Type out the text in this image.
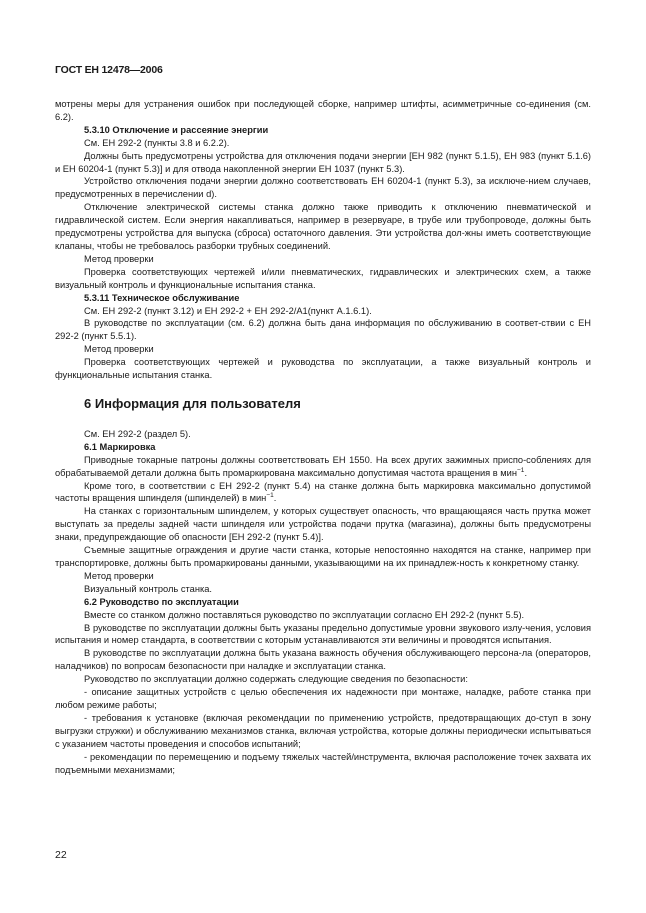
ГОСТ ЕН 12478—2006

мотрены меры для устранения ошибок при последующей сборке, например штифты, асимметричные со-единения (см. 6.2).

5.3.10 Отключение и рассеяние энергии

См. ЕН 292-2 (пункты 3.8 и 6.2.2).

Должны быть предусмотрены устройства для отключения подачи энергии [ЕН 982 (пункт 5.1.5), ЕН 983 (пункт 5.1.6) и ЕН 60204-1 (пункт 5.3)] и для отвода накопленной энергии ЕН 1037 (пункт 5.3).

Устройство отключения подачи энергии должно соответствовать ЕН 60204-1 (пункт 5.3), за исключе-нием случаев, предусмотренных в перечислении d).

Отключение электрической системы станка должно также приводить к отключению пневматической и гидравлической систем. Если энергия накапливаться, например в резервуаре, в трубе или трубопроводе, должны быть предусмотрены устройства для выпуска (сброса) остаточного давления. Эти устройства дол-жны иметь соответствующие клапаны, чтобы не требовалось разборки трубных соединений.

Метод проверки

Проверка соответствующих чертежей и/или пневматических, гидравлических и электрических схем, а также визуальный контроль и функциональные испытания станка.

5.3.11 Техническое обслуживание

См. ЕН 292-2 (пункт 3.12) и ЕН 292-2 + ЕН 292-2/А1(пункт А.1.6.1).

В руководстве по эксплуатации (см. 6.2) должна быть дана информация по обслуживанию в соответ-ствии с ЕН 292-2 (пункт 5.5.1).

Метод проверки

Проверка соответствующих чертежей и руководства по эксплуатации, а также визуальный контроль и функциональные испытания станка.

6 Информация для пользователя

См. ЕН 292-2 (раздел 5).

6.1 Маркировка

Приводные токарные патроны должны соответствовать ЕН 1550. На всех других зажимных приспо-соблениях для обрабатываемой детали должна быть промаркирована максимально допустимая частота вращения в мин$^{-1}$.

Кроме того, в соответствии с ЕН 292-2 (пункт 5.4) на станке должна быть маркировка максимально допустимой частоты вращения шпинделя (шпинделей) в мин$^{-1}$.

На станках с горизонтальным шпинделем, у которых существует опасность, что вращающаяся часть прутка может выступать за пределы задней части шпинделя или устройства подачи прутка (магазина), должны быть предусмотрены знаки, предупреждающие об опасности [ЕН 292-2 (пункт 5.4)].

Съемные защитные ограждения и другие части станка, которые непостоянно находятся на станке, например при транспортировке, должны быть промаркированы данными, указывающими на их принадлеж-ность к конкретному станку.

Метод проверки

Визуальный контроль станка.

6.2 Руководство по эксплуатации

Вместе со станком должно поставляться руководство по эксплуатации согласно ЕН 292-2 (пункт 5.5).

В руководстве по эксплуатации должны быть указаны предельно допустимые уровни звукового излу-чения, условия испытания и номер стандарта, в соответствии с которым устанавливаются эти величины и проводятся испытания.

В руководстве по эксплуатации должна быть указана важность обучения обслуживающего персона-ла (операторов, наладчиков) по вопросам безопасности при наладке и эксплуатации станка.

Руководство по эксплуатации должно содержать следующие сведения по безопасности:

- описание защитных устройств с целью обеспечения их надежности при монтаже, наладке, работе станка при любом режиме работы;

- требования к установке (включая рекомендации по применению устройств, предотвращающих до-ступ в зону выгрузки стружки) и обслуживанию механизмов станка, включая устройства, которые должны периодически испытываться с указанием частоты проведения и способов испытаний;

- рекомендации по перемещению и подъему тяжелых частей/инструмента, включая расположение точек захвата их подъемными механизмами;

22
